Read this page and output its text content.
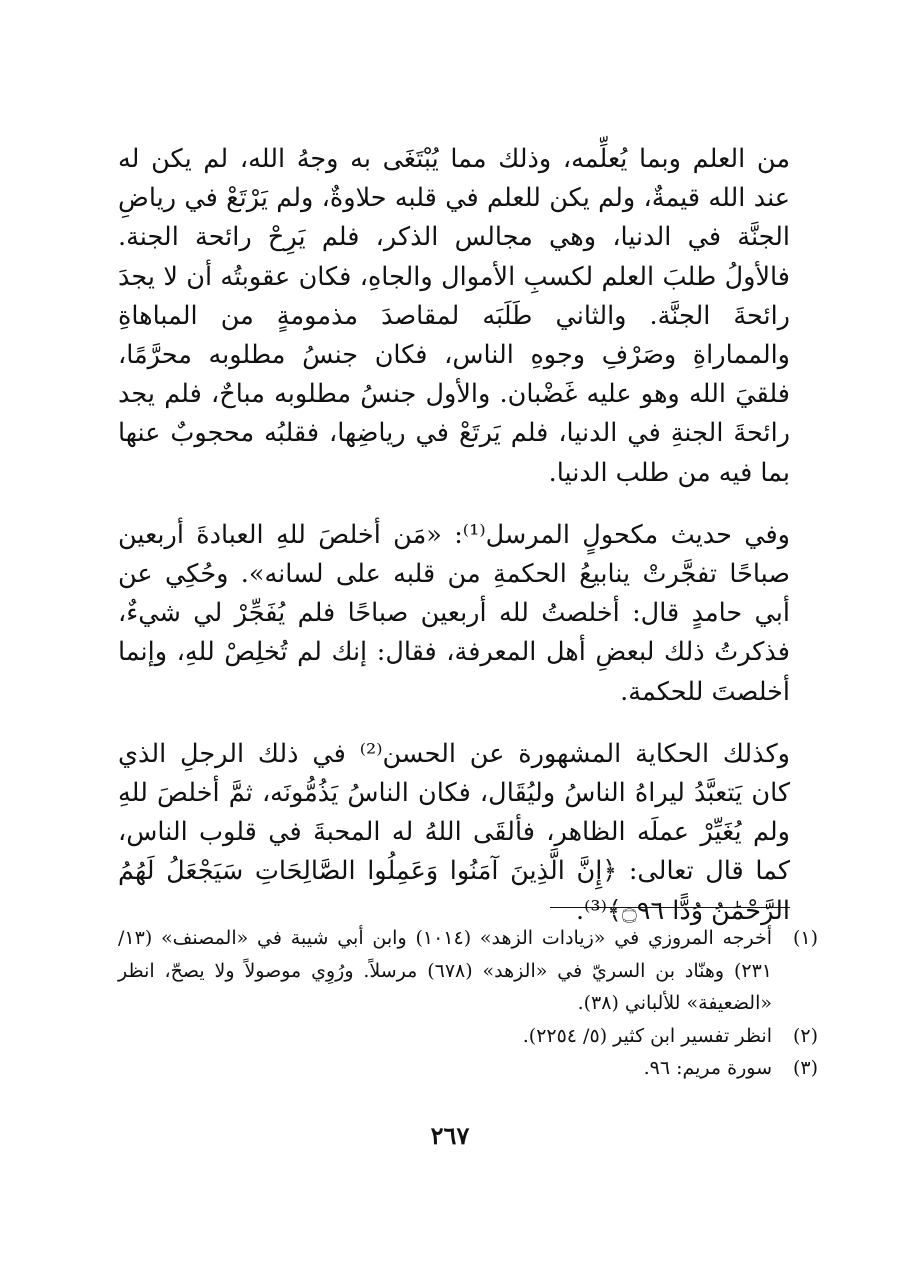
من العلم وبما يُعلِّمه، وذلك مما يُبْتَغَى به وجهُ الله، لم يكن له عند الله قيمةٌ، ولم يكن للعلم في قلبه حلاوةٌ، ولم يَرْتَعْ في رياضِ الجنَّة في الدنيا، وهي مجالس الذكر، فلم يَرِحْ رائحة الجنة. فالأولُ طلبَ العلم لكسبِ الأموال والجاهِ، فكان عقوبتُه أن لا يجدَ رائحةَ الجنَّة. والثاني طَلَبَه لمقاصدَ مذمومةٍ من المباهاةِ والمماراةِ وصَرْفِ وجوهِ الناس، فكان جنسُ مطلوبه محرَّمًا، فلقيَ الله وهو عليه غَضْبان. والأول جنسُ مطلوبه مباحٌ، فلم يجد رائحةَ الجنةِ في الدنيا، فلم يَرتَعْ في رياضِها، فقلبُه محجوبٌ عنها بما فيه من طلب الدنيا.

وفي حديث مكحولٍ المرسل⁽¹⁾: «مَن أخلصَ للهِ العبادةَ أربعين صباحًا تفجَّرتْ ينابيعُ الحكمةِ من قلبه على لسانه». وحُكِي عن أبي حامدٍ قال: أخلصتُ لله أربعين صباحًا فلم يُفَجِّرْ لي شيءٌ، فذكرتُ ذلك لبعضِ أهل المعرفة، فقال: إنك لم تُخلِصْ للهِ، وإنما أخلصتَ للحكمة.

وكذلك الحكاية المشهورة عن الحسن⁽²⁾ في ذلك الرجلِ الذي كان يَتعبَّدُ ليراهُ الناسُ وليُقَال، فكان الناسُ يَذُمُّونَه، ثمَّ أخلصَ للهِ ولم يُغَيِّرْ عملَه الظاهر، فألقَى اللهُ له المحبةَ في قلوب الناس، كما قال تعالى: ﴿إِنَّ الَّذِينَ آمَنُوا وَعَمِلُوا الصَّالِحَاتِ سَيَجْعَلُ لَهُمُ الرَّحْمَٰنُ وُدًّا ۝٩٦﴾⁽³⁾.

(١)
أخرجه المروزي في «زيادات الزهد» (١٠١٤) وابن أبي شيبة في «المصنف» (١٣/ ٢٣١) وهنّاد بن السريّ في «الزهد» (٦٧٨) مرسلاً. ورُوِي موصولاً ولا يصحّ، انظر «الضعيفة» للألباني (٣٨).
(٢)
انظر تفسير ابن كثير (٥/ ٢٢٥٤).
(٣)
سورة مريم: ٩٦.
٢٦٧
